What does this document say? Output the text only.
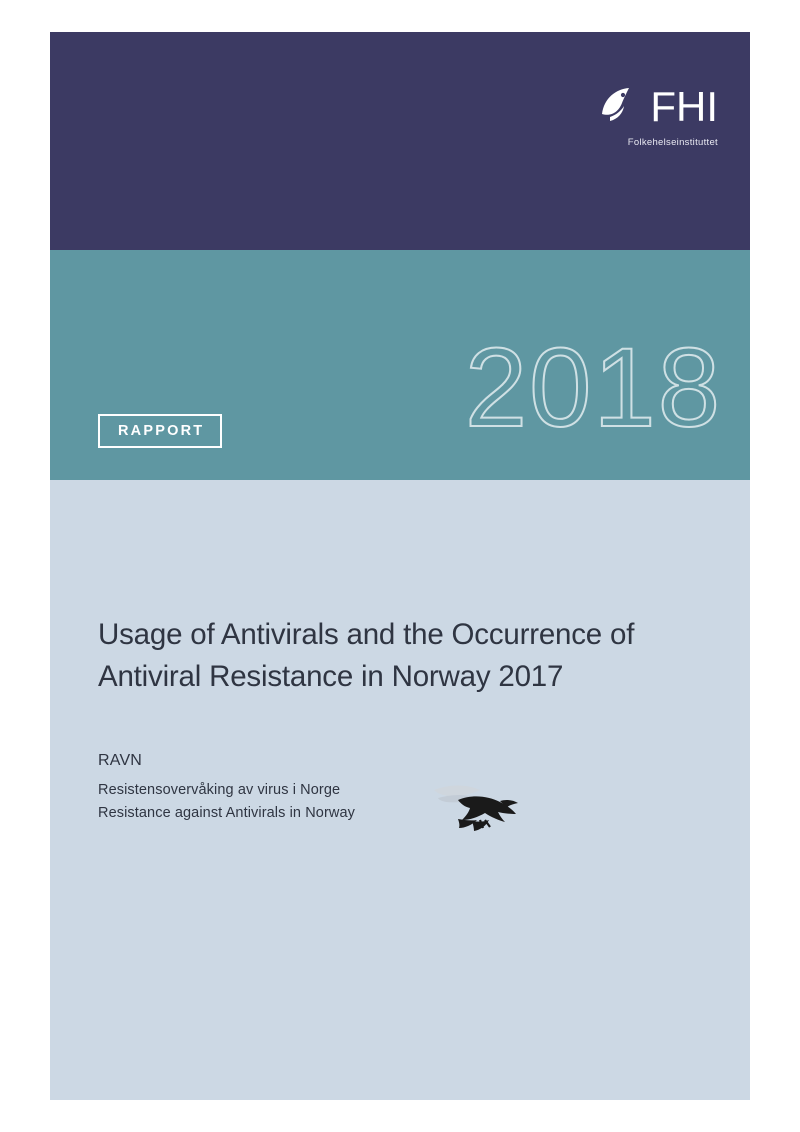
FHI
Folkehelseinstituttet
2018
RAPPORT
Usage of Antivirals and the Occurrence of Antiviral Resistance in Norway 2017
RAVN
Resistensovervåking av virus i Norge
Resistance against Antivirals in Norway
